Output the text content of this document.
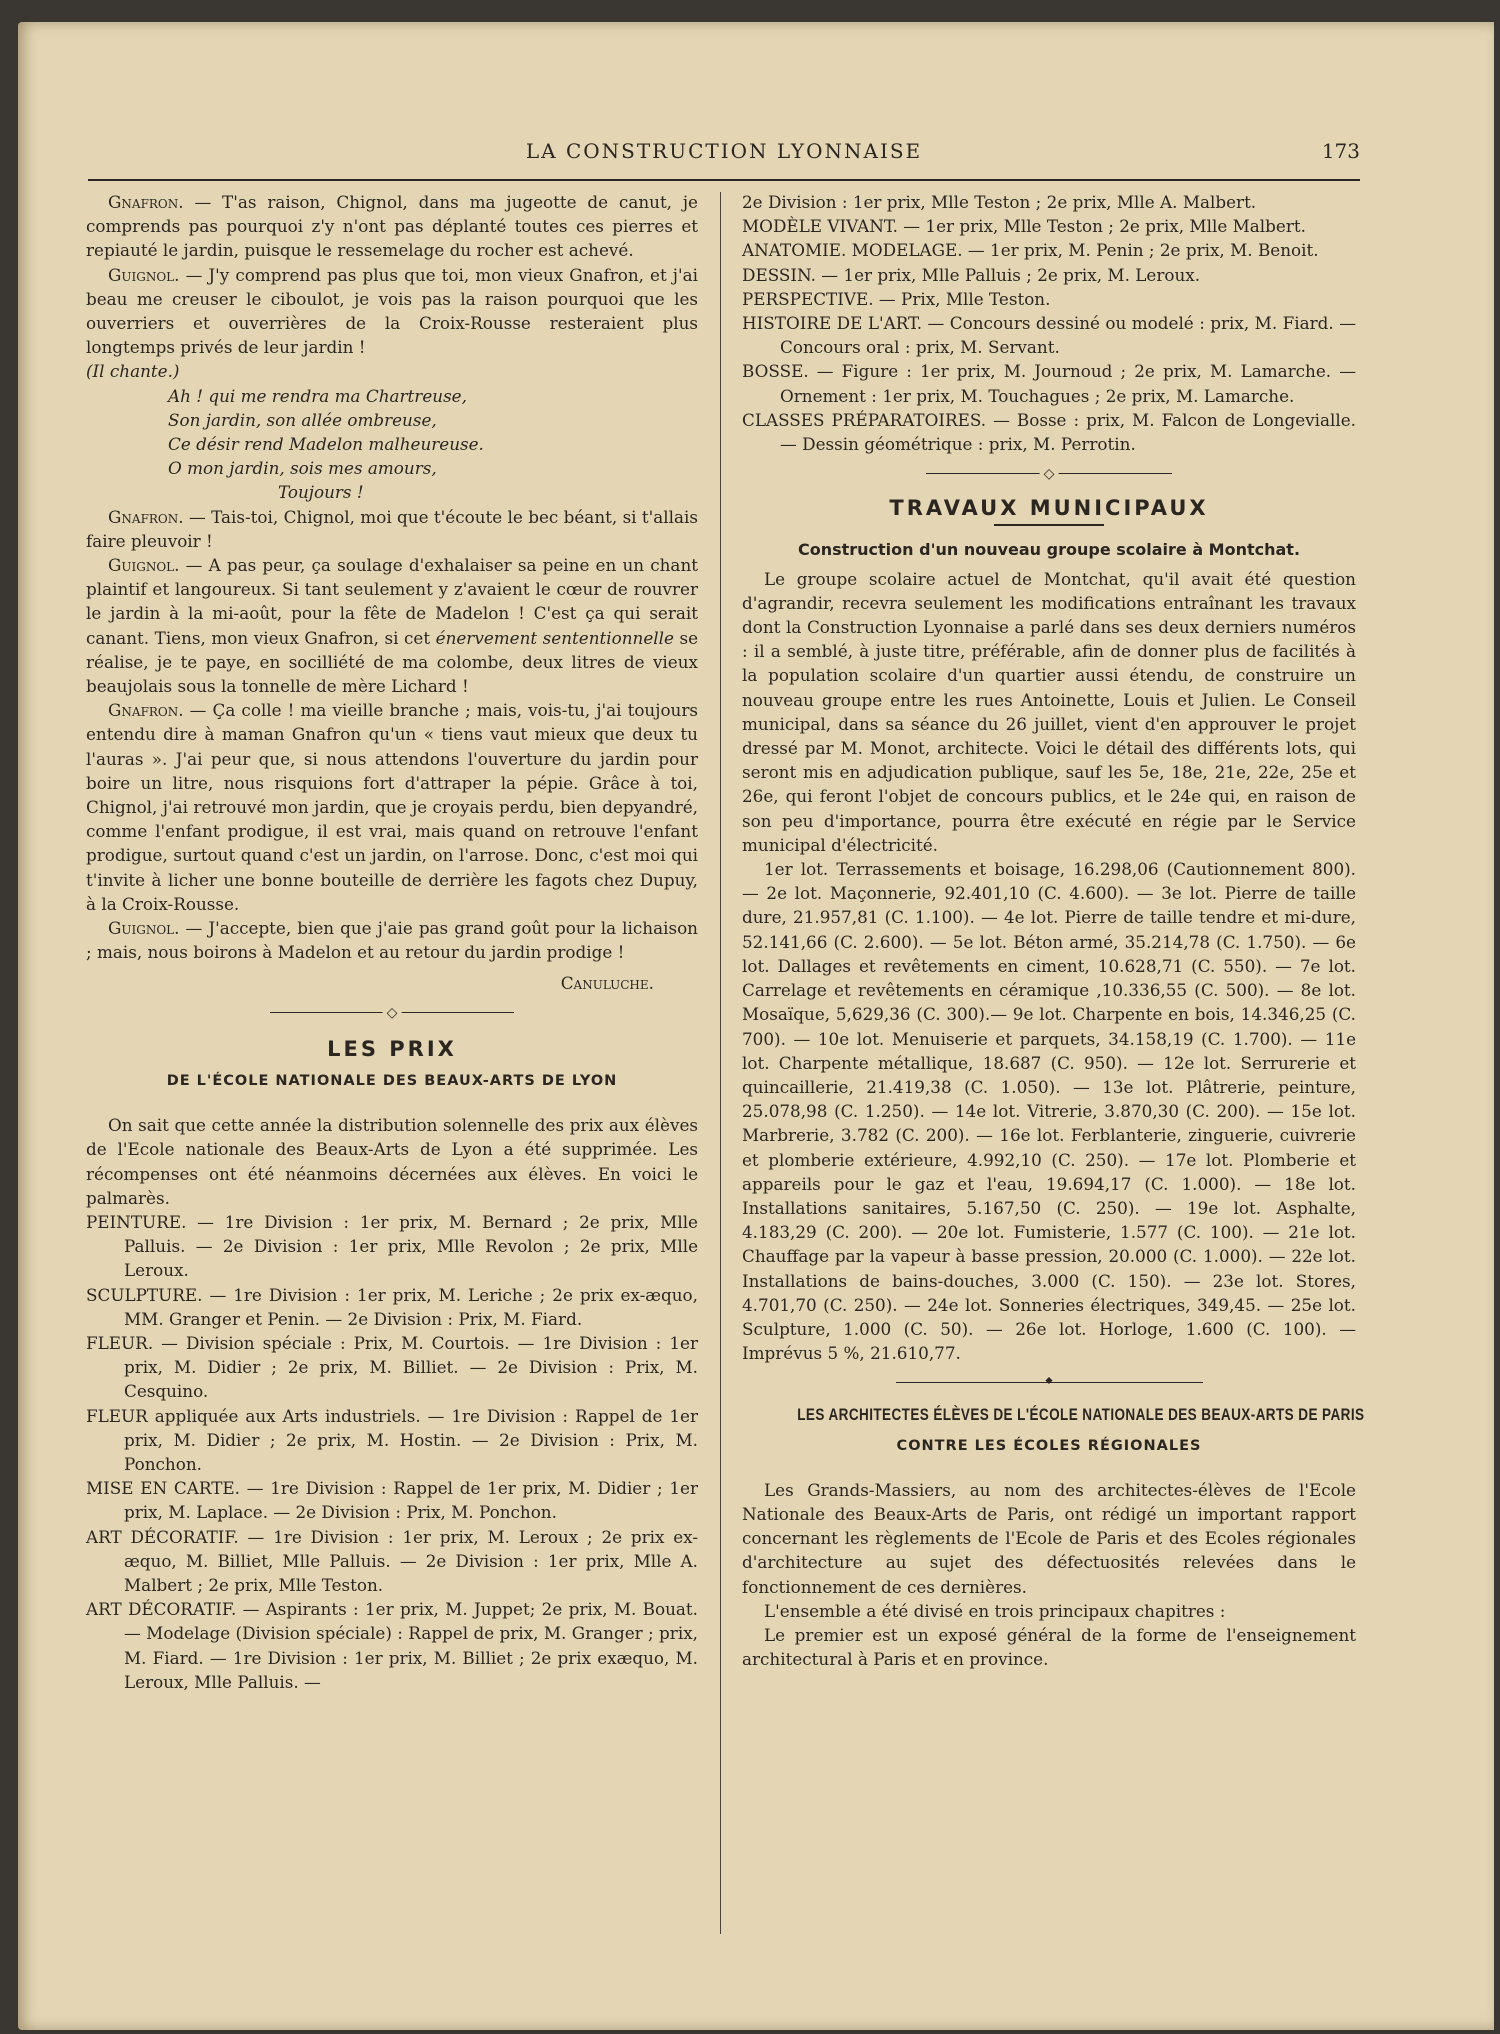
LA CONSTRUCTION LYONNAISE	173

Gnafron. — T'as raison, Chignol, dans ma jugeotte de canut, je comprends pas pourquoi z'y n'ont pas déplanté toutes ces pierres et repiauté le jardin, puisque le ressemelage du rocher est achevé.

Guignol. — J'y comprend pas plus que toi, mon vieux Gnafron, et j'ai beau me creuser le ciboulot, je vois pas la raison pourquoi que les ouverriers et ouverrières de la Croix-Rousse resteraient plus longtemps privés de leur jardin !

(Il chante.)

Ah ! qui me rendra ma Chartreuse,

Son jardin, son allée ombreuse,

Ce désir rend Madelon malheureuse.

O mon jardin, sois mes amours,

Toujours !

Gnafron. — Tais-toi, Chignol, moi que t'écoute le bec béant, si t'allais faire pleuvoir !

Guignol. — A pas peur, ça soulage d'exhalaiser sa peine en un chant plaintif et langoureux. Si tant seulement y z'avaient le cœur de rouvrer le jardin à la mi-août, pour la fête de Madelon ! C'est ça qui serait canant. Tiens, mon vieux Gnafron, si cet énervement sententionnelle se réalise, je te paye, en socilliété de ma colombe, deux litres de vieux beaujolais sous la tonnelle de mère Lichard !

Gnafron. — Ça colle ! ma vieille branche ; mais, vois-tu, j'ai toujours entendu dire à maman Gnafron qu'un « tiens vaut mieux que deux tu l'auras ». J'ai peur que, si nous attendons l'ouverture du jardin pour boire un litre, nous risquions fort d'attraper la pépie. Grâce à toi, Chignol, j'ai retrouvé mon jardin, que je croyais perdu, bien depyandré, comme l'enfant prodigue, il est vrai, mais quand on retrouve l'enfant prodigue, surtout quand c'est un jardin, on l'arrose. Donc, c'est moi qui t'invite à licher une bonne bouteille de derrière les fagots chez Dupuy, à la Croix-Rousse.

Guignol. — J'accepte, bien que j'aie pas grand goût pour la lichaison ; mais, nous boirons à Madelon et au retour du jardin prodige !

Canuluche.

◇
LES PRIX
DE L'ÉCOLE NATIONALE DES BEAUX-ARTS DE LYON

On sait que cette année la distribution solennelle des prix aux élèves de l'Ecole nationale des Beaux-Arts de Lyon a été supprimée. Les récompenses ont été néanmoins décernées aux élèves. En voici le palmarès.

PEINTURE. — 1re Division : 1er prix, M. Bernard ; 2e prix, Mlle Palluis. — 2e Division : 1er prix, Mlle Revolon ; 2e prix, Mlle Leroux.

SCULPTURE. — 1re Division : 1er prix, M. Leriche ; 2e prix ex-æquo, MM. Granger et Penin. — 2e Division : Prix, M. Fiard.

FLEUR. — Division spéciale : Prix, M. Courtois. — 1re Division : 1er prix, M. Didier ; 2e prix, M. Billiet. — 2e Division : Prix, M. Cesquino.

FLEUR appliquée aux Arts industriels. — 1re Division : Rappel de 1er prix, M. Didier ; 2e prix, M. Hostin. — 2e Division : Prix, M. Ponchon.

MISE EN CARTE. — 1re Division : Rappel de 1er prix, M. Didier ; 1er prix, M. Laplace. — 2e Division : Prix, M. Ponchon.

ART DÉCORATIF. — 1re Division : 1er prix, M. Leroux ; 2e prix ex-æquo, M. Billiet, Mlle Palluis. — 2e Division : 1er prix, Mlle A. Malbert ; 2e prix, Mlle Teston.

ART DÉCORATIF. — Aspirants : 1er prix, M. Juppet; 2e prix, M. Bouat. — Modelage (Division spéciale) : Rappel de prix, M. Granger ; prix, M. Fiard. — 1re Division : 1er prix, M. Billiet ; 2e prix exæquo, M. Leroux, Mlle Palluis. —

2e Division : 1er prix, Mlle Teston ; 2e prix, Mlle A. Malbert.

MODÈLE VIVANT. — 1er prix, Mlle Teston ; 2e prix, Mlle Malbert.

ANATOMIE. MODELAGE. — 1er prix, M. Penin ; 2e prix, M. Benoit.

DESSIN. — 1er prix, Mlle Palluis ; 2e prix, M. Leroux.

PERSPECTIVE. — Prix, Mlle Teston.

HISTOIRE DE L'ART. — Concours dessiné ou modelé : prix, M. Fiard. — Concours oral : prix, M. Servant.

BOSSE. — Figure : 1er prix, M. Journoud ; 2e prix, M. Lamarche. — Ornement : 1er prix, M. Touchagues ; 2e prix, M. Lamarche.

CLASSES PRÉPARATOIRES. — Bosse : prix, M. Falcon de Longevialle. — Dessin géométrique : prix, M. Perrotin.

◇
TRAVAUX MUNICIPAUX
Construction d'un nouveau groupe scolaire à Montchat.

Le groupe scolaire actuel de Montchat, qu'il avait été question d'agrandir, recevra seulement les modifications entraînant les travaux dont la Construction Lyonnaise a parlé dans ses deux derniers numéros : il a semblé, à juste titre, préférable, afin de donner plus de facilités à la population scolaire d'un quartier aussi étendu, de construire un nouveau groupe entre les rues Antoinette, Louis et Julien. Le Conseil municipal, dans sa séance du 26 juillet, vient d'en approuver le projet dressé par M. Monot, architecte. Voici le détail des différents lots, qui seront mis en adjudication publique, sauf les 5e, 18e, 21e, 22e, 25e et 26e, qui feront l'objet de concours publics, et le 24e qui, en raison de son peu d'importance, pourra être exécuté en régie par le Service municipal d'électricité.

1er lot. Terrassements et boisage, 16.298,06 (Cautionnement 800). — 2e lot. Maçonnerie, 92.401,10 (C. 4.600). — 3e lot. Pierre de taille dure, 21.957,81 (C. 1.100). — 4e lot. Pierre de taille tendre et mi-dure, 52.141,66 (C. 2.600). — 5e lot. Béton armé, 35.214,78 (C. 1.750). — 6e lot. Dallages et revêtements en ciment, 10.628,71 (C. 550). — 7e lot. Carrelage et revêtements en céramique ,10.336,55 (C. 500). — 8e lot. Mosaïque, 5,629,36 (C. 300).— 9e lot. Charpente en bois, 14.346,25 (C. 700). — 10e lot. Menuiserie et parquets, 34.158,19 (C. 1.700). — 11e lot. Charpente métallique, 18.687 (C. 950). — 12e lot. Serrurerie et quincaillerie, 21.419,38 (C. 1.050). — 13e lot. Plâtrerie, peinture, 25.078,98 (C. 1.250). — 14e lot. Vitrerie, 3.870,30 (C. 200). — 15e lot. Marbrerie, 3.782 (C. 200). — 16e lot. Ferblanterie, zinguerie, cuivrerie et plomberie extérieure, 4.992,10 (C. 250). — 17e lot. Plomberie et appareils pour le gaz et l'eau, 19.694,17 (C. 1.000). — 18e lot. Installations sanitaires, 5.167,50 (C. 250). — 19e lot. Asphalte, 4.183,29 (C. 200). — 20e lot. Fumisterie, 1.577 (C. 100). — 21e lot. Chauffage par la vapeur à basse pression, 20.000 (C. 1.000). — 22e lot. Installations de bains-douches, 3.000 (C. 150). — 23e lot. Stores, 4.701,70 (C. 250). — 24e lot. Sonneries électriques, 349,45. — 25e lot. Sculpture, 1.000 (C. 50). — 26e lot. Horloge, 1.600 (C. 100). — Imprévus 5 %, 21.610,77.

LES ARCHITECTES ÉLÈVES DE L'ÉCOLE NATIONALE DES BEAUX-ARTS DE PARIS
CONTRE LES ÉCOLES RÉGIONALES

Les Grands-Massiers, au nom des architectes-élèves de l'Ecole Nationale des Beaux-Arts de Paris, ont rédigé un important rapport concernant les règlements de l'Ecole de Paris et des Ecoles régionales d'architecture au sujet des défectuosités relevées dans le fonctionnement de ces dernières.

L'ensemble a été divisé en trois principaux chapitres :

Le premier est un exposé général de la forme de l'enseignement architectural à Paris et en province.
